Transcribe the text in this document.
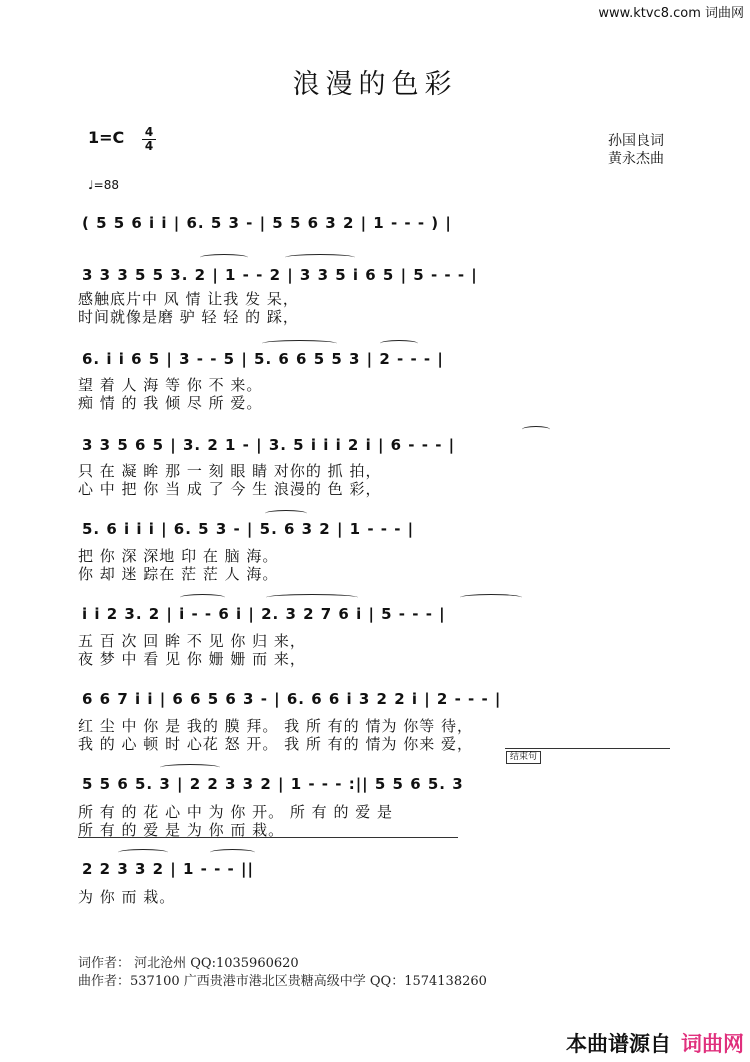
www.ktvc8.com 词曲网
浪漫的色彩
1=C 4
4	孙国良词
黄永杰曲
♩=88
( 5 5 6 i i | 6. 5 3 - | 5 5 6 3 2 | 1 - - - ) |
3 3 3 5 5 3. 2 | 1 - - 2 | 3 3 5 i 6 5 | 5 - - - |
感触底片中 风 情 让我 发 呆，
时间就像是磨 驴 轻 轻 的 踩，
6. i i 6 5 | 3 - - 5 | 5. 6 6 5 5 3 | 2 - - - |
望 着 人 海 等 你 不 来。
痴 情 的 我 倾 尽 所 爱。
3 3 5 6 5 | 3. 2 1 - | 3. 5 i i i 2 i | 6 - - - |
只 在 凝 眸 那 一 刻 眼 睛 对你的 抓 拍，
心 中 把 你 当 成 了 今 生 浪漫的 色 彩，
5. 6 i i i | 6. 5 3 - | 5. 6 3 2 | 1 - - - |
把 你 深 深地 印 在 脑 海。
你 却 迷 踪在 茫 茫 人 海。
i i 2 3. 2 | i - - 6 i | 2. 3 2 7 6 i | 5 - - - |
五 百 次 回 眸 不 见 你 归 来，
夜 梦 中 看 见 你 姗 姗 而 来，
6 6 7 i i | 6 6 5 6 3 - | 6. 6 6 i 3 2 2 i | 2 - - - |
红 尘 中 你 是 我的 膜 拜。 我 所 有的 情为 你等 待，
我 的 心 顿 时 心花 怒 开。 我 所 有的 情为 你来 爱，
结束句
5 5 6 5. 3 | 2 2 3 3 2 | 1 - - - :|| 5 5 6 5. 3
所 有 的 花 心 中 为 你 开。 所 有 的 爱 是
所 有 的 爱 是 为 你 而 栽。
2 2 3 3 2 | 1 - - - ||
为 你 而 栽。
词作者： 河北沧州 QQ:1035960620
曲作者：537100 广西贵港市港北区贵糖高级中学 QQ：1574138260
本曲谱源自 词曲网
